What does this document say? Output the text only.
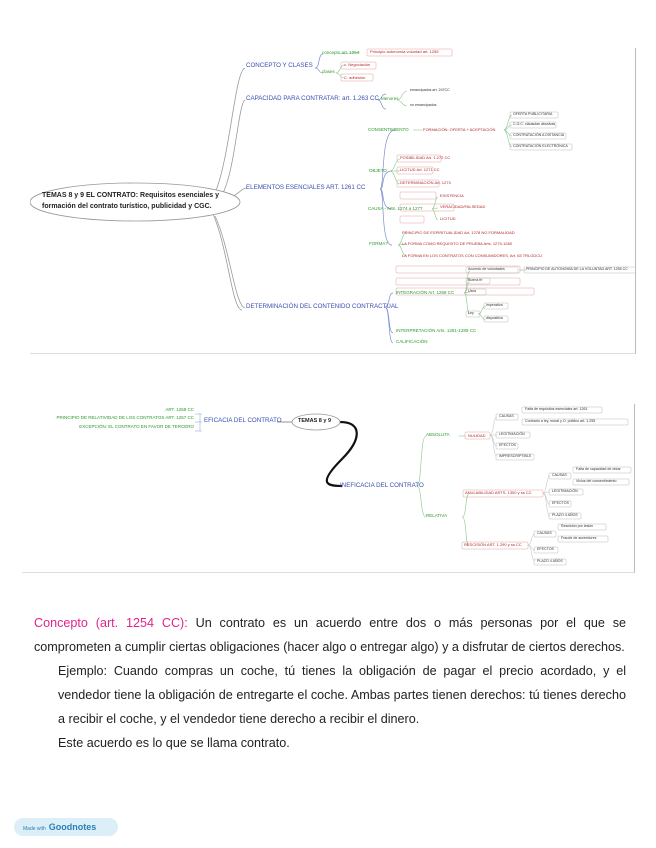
TEMAS 8 y 9 EL CONTRATO: Requisitos esenciales y
formación del contrato turístico, publicidad y CGC.
CONCEPTO Y CLASES
concepto art. 1254	Principio autonomía voluntad art. 1255
clases
c. Negociación
C. adhesión
CAPACIDAD PARA CONTRATAR: art. 1.263 CC Menores
emancipados art. 247CC
no emancipados
ELEMENTOS ESENCIALES ART. 1261 CC
CONSENTIMIENTO	FORMACIÓN: OFERTA + ACEPTACIÓN
OFERTA PUBLICITARIA
C.G.C. cláusulas abusivas
CONTRATACIÓN A DISTANCIA
CONTRATACIÓN ELECTRÓNICA
OBJETO
POSIBILIDAD Art. 1.272 CC
LICITUD Art. 1271 CC
DETERMINACIÓN Art. 1273
CAUSA - Arts. 1274 a 1277
EXISTENCIA
VERACIDAD/FALSEDAD
LICITUD
FORMA?
PRINCIPIO DE ESPIRITUALIDAD Art. 1278 NO FORMALIDAD
LA FORMA COMO REQUISITO DE PRUEBA Arts. 1279-1280
LA FORMA EN LOS CONTRATOS CON CONSUMIDORES, Art. 63 TRLGDCU
DETERMINACIÓN DEL CONTENIDO CONTRACTUAL
INTEGRACIÓN Art. 1258 CC
Acuerdo de voluntades	PRINCIPIO DE AUTONOMÍA DE LA VOLUNTAD ART. 1255 CC
Buena fe
Usos
Ley
imperativa
dispositiva
INTERPRETACIÓN Arts. 1281-1289 CC
CALIFICACIÓN
ART. 1258 CC
PRINCIPIO DE RELATIVIDAD DE LOS CONTRATOS ART. 1257 CC
EXCEPCIÓN: EL CONTRATO EN FAVOR DE TERCERO
EFICACIA DEL CONTRATO	TEMAS 8 y 9
INEFICACIA DEL CONTRATO
ABSOLUTA	NULIDAD
CAUSAS
Falta de requisitos esenciales art. 1261
Contrario a ley, moral y O. público art. 1.255
LEGITIMACIÓN
EFECTOS
IMPRESCRIPTIBLE
RELATIVA
ANULABILIDAD ARTS. 1300 y ss CC
CAUSAS
Falta de capacidad de obrar
Vicios del consentimiento
LEGITIMACIÓN
EFECTOS
PLAZO 4 AÑOS
RESCISIÓN ART. 1.290 y ss CC
CAUSAS
Rescisión por lesión
Fraude de acreedores
EFECTOS
PLAZO 4 AÑOS
Concepto (art. 1254 CC): Un contrato es un acuerdo entre dos o más personas por el que se comprometen a cumplir ciertas obligaciones (hacer algo o entregar algo) y a disfrutar de ciertos derechos.
Ejemplo: Cuando compras un coche, tú tienes la obligación de pagar el precio acordado, y el vendedor tiene la obligación de entregarte el coche. Ambas partes tienen derechos: tú tienes derecho a recibir el coche, y el vendedor tiene derecho a recibir el dinero.
Este acuerdo es lo que se llama contrato.
Made with Goodnotes
